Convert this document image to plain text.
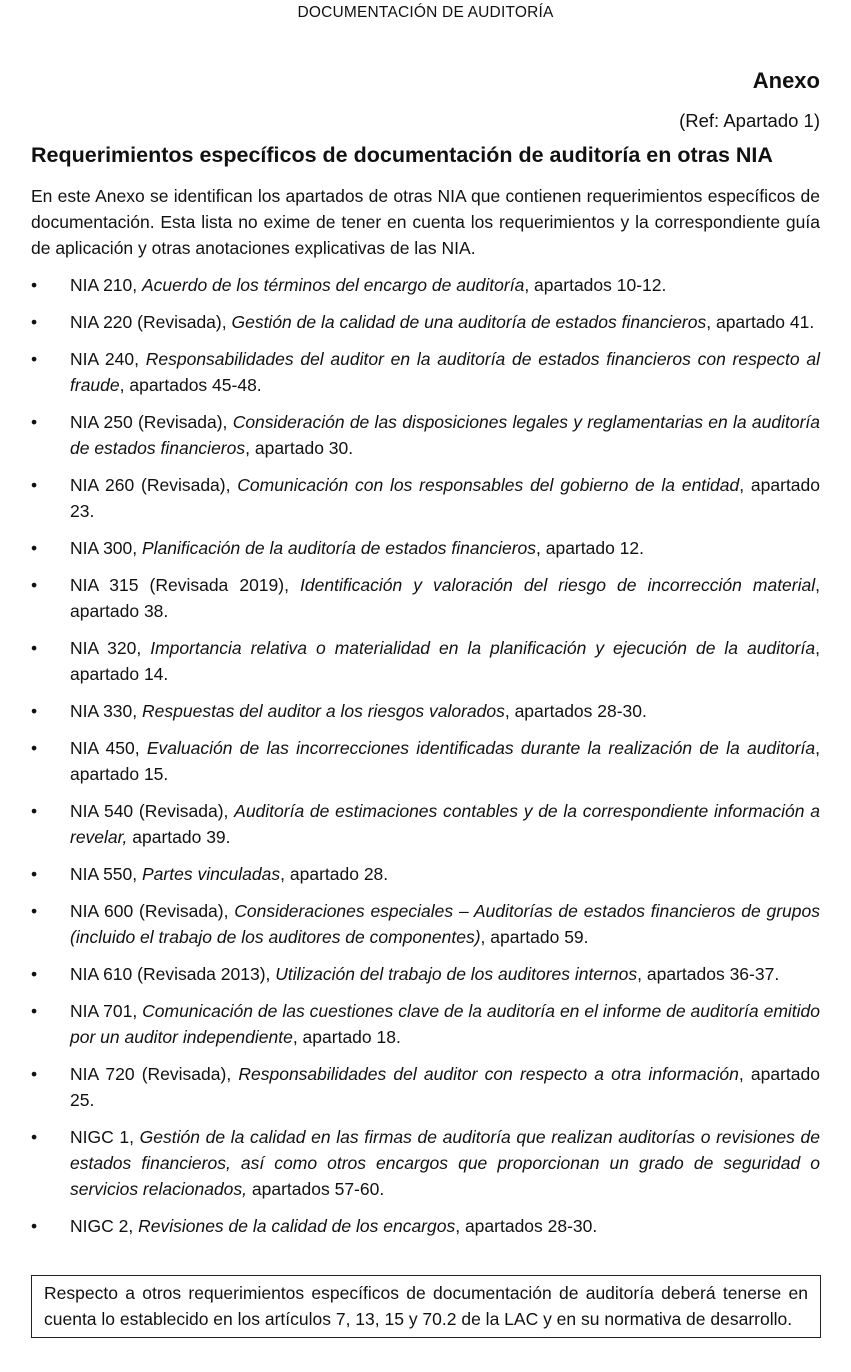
DOCUMENTACIÓN DE AUDITORÍA
Anexo
(Ref: Apartado 1)
Requerimientos específicos de documentación de auditoría en otras NIA

En este Anexo se identifican los apartados de otras NIA que contienen requerimientos específicos de documentación. Esta lista no exime de tener en cuenta los requerimientos y la correspondiente guía de aplicación y otras anotaciones explicativas de las NIA.

• NIA 210, Acuerdo de los términos del encargo de auditoría, apartados 10-12.
• NIA 220 (Revisada), Gestión de la calidad de una auditoría de estados financieros, apartado 41.
• NIA 240, Responsabilidades del auditor en la auditoría de estados financieros con respecto al fraude, apartados 45-48.
• NIA 250 (Revisada), Consideración de las disposiciones legales y reglamentarias en la auditoría de estados financieros, apartado 30.
• NIA 260 (Revisada), Comunicación con los responsables del gobierno de la entidad, apartado 23.
• NIA 300, Planificación de la auditoría de estados financieros, apartado 12.
• NIA 315 (Revisada 2019), Identificación y valoración del riesgo de incorrección material, apartado 38.
• NIA 320, Importancia relativa o materialidad en la planificación y ejecución de la auditoría, apartado 14.
• NIA 330, Respuestas del auditor a los riesgos valorados, apartados 28-30.
• NIA 450, Evaluación de las incorrecciones identificadas durante la realización de la auditoría, apartado 15.
• NIA 540 (Revisada), Auditoría de estimaciones contables y de la correspondiente información a revelar, apartado 39.
• NIA 550, Partes vinculadas, apartado 28.
• NIA 600 (Revisada), Consideraciones especiales – Auditorías de estados financieros de grupos (incluido el trabajo de los auditores de componentes), apartado 59.
• NIA 610 (Revisada 2013), Utilización del trabajo de los auditores internos, apartados 36-37.
• NIA 701, Comunicación de las cuestiones clave de la auditoría en el informe de auditoría emitido por un auditor independiente, apartado 18.
• NIA 720 (Revisada), Responsabilidades del auditor con respecto a otra información, apartado 25.
• NIGC 1, Gestión de la calidad en las firmas de auditoría que realizan auditorías o revisiones de estados financieros, así como otros encargos que proporcionan un grado de seguridad o servicios relacionados, apartados 57-60.
• NIGC 2, Revisiones de la calidad de los encargos, apartados 28-30.
Respecto a otros requerimientos específicos de documentación de auditoría deberá tenerse en cuenta lo establecido en los artículos 7, 13, 15 y 70.2 de la LAC y en su normativa de desarrollo.
